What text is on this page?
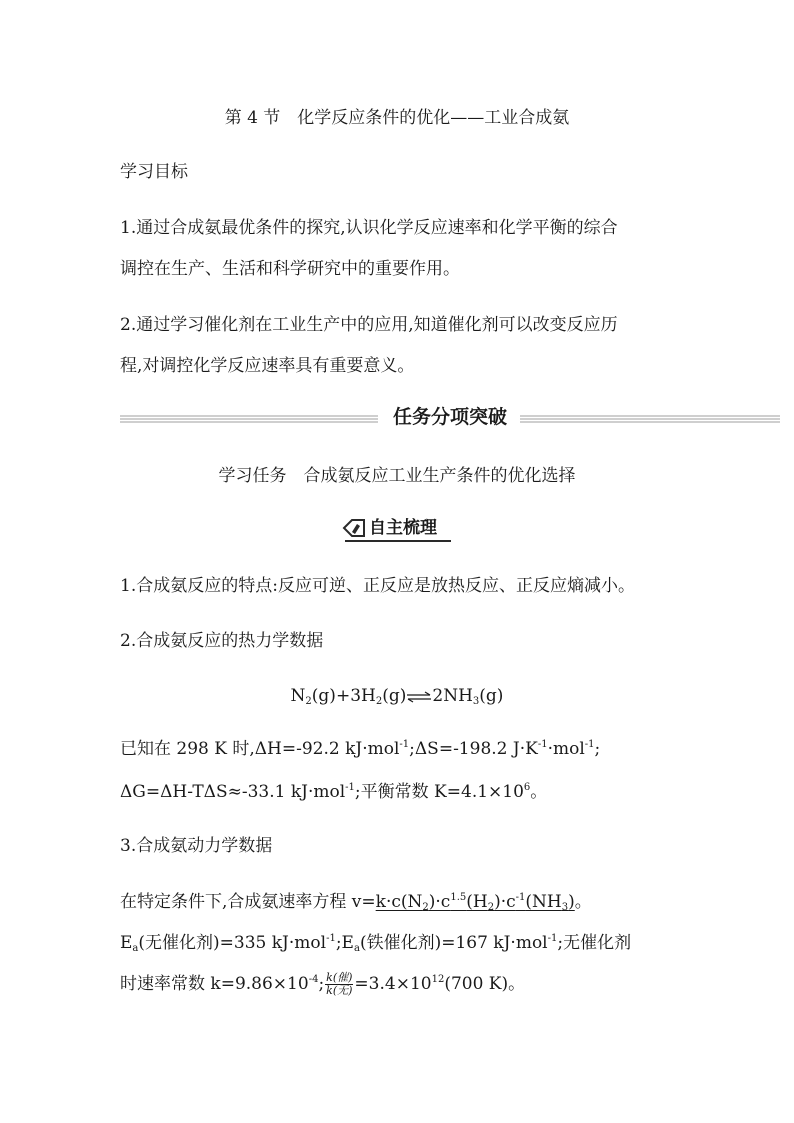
第 4 节　化学反应条件的优化——工业合成氨
学习目标
1.通过合成氨最优条件的探究,认识化学反应速率和化学平衡的综合
调控在生产、生活和科学研究中的重要作用。
2.通过学习催化剂在工业生产中的应用,知道催化剂可以改变反应历
程,对调控化学反应速率具有重要意义。
任务分项突破
学习任务　合成氨反应工业生产条件的优化选择
自主梳理
1.合成氨反应的特点:反应可逆、正反应是放热反应、正反应熵减小。
2.合成氨反应的热力学数据
$N_2(g)+3H_2(g)\rightleftharpoons 2NH_3(g)$
已知在 298 K 时,ΔH=-92.2 kJ·mol$^{-1}$;ΔS=-198.2 $J\cdot K^{-1}\cdot mol^{-1}$;
ΔG=ΔH-TΔS≈-33.1 kJ·mol$^{-1}$;平衡常数 $K=4.1\times 10^6$。
3.合成氨动力学数据
在特定条件下,合成氨速率方程 $v=k\cdot c(N_2)\cdot c^{1.5}(H_2)\cdot c^{-1}(NH_3)$。
$E_a$(无催化剂)=335 $kJ\cdot mol^{-1};E_a$(铁催化剂)=167 kJ·mol$^{-1}$;无催化剂
时速率常数 $k=9.86\times 10^{-4}$; $\frac{\text{k(催)}}{\text{k(无)}} =3.4\times 10^{12}(700$ K)。
